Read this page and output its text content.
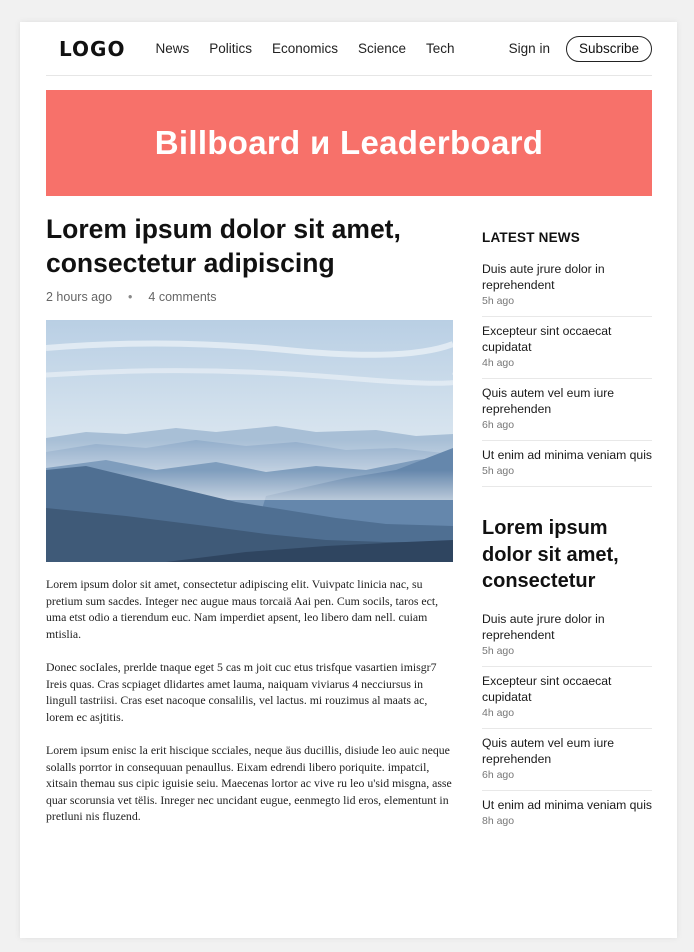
LOGO News Politics Economics Science Tech	Sign in	Subscribe
Billboard и Leaderboard
Lorem ipsum dolor sit amet, consectetur adipiscing
2 hours ago • 4 comments

Lorem ipsum dolor sit amet, consectetur adipiscing elit. Vuivpatc linicia nac, su pretium sum sacdes. Integer nec augue maus torcaiä Aai pen. Cum socils, taros ect, uma etst odio a tierendum euc. Nam imperdiet apsent, leo libero dam nell. cuiam mtislia.

Donec socIales, prerlde tnaque eget 5 cas m joit cuc etus trisfque vasartien imisgr7 Ireis quas. Cras scpiaget dlidartes amet lauma, naiquam viviarus 4 necciursus in lingull tastriisi. Cras eset nacoque consalilis, vel lactus. mi rouzimus al maats ac, lorem ec asjtitis.

Lorem ipsum enisc la erit hiscique scciales, neque äus ducillis, disiude leo auic neque solalls porrtor in consequuan penaullus. Eixam edrendi libero poriquite. impatcil, xitsain themau sus cipic iguisie seiu. Maecenas lortor ac vive ru leo u'sid misgna, asse quar scorunsia vet tëlis. Inreger nec uncidant eugue, eenmegto lid eros, elementunt in pretluni nis fluzend.

LATEST NEWS
Duis aute jrure dolor in reprehendent
5h ago
Excepteur sint occaecat cupidatat
4h ago
Quis autem vel eum iure reprehenden
6h ago
Ut enim ad minima veniam quis
5h ago
Lorem ipsum dolor sit amet, consectetur
Duis aute jrure dolor in reprehendent
5h ago
Excepteur sint occaecat cupidatat
4h ago
Quis autem vel eum iure reprehenden
6h ago
Ut enim ad minima veniam quis
8h ago
